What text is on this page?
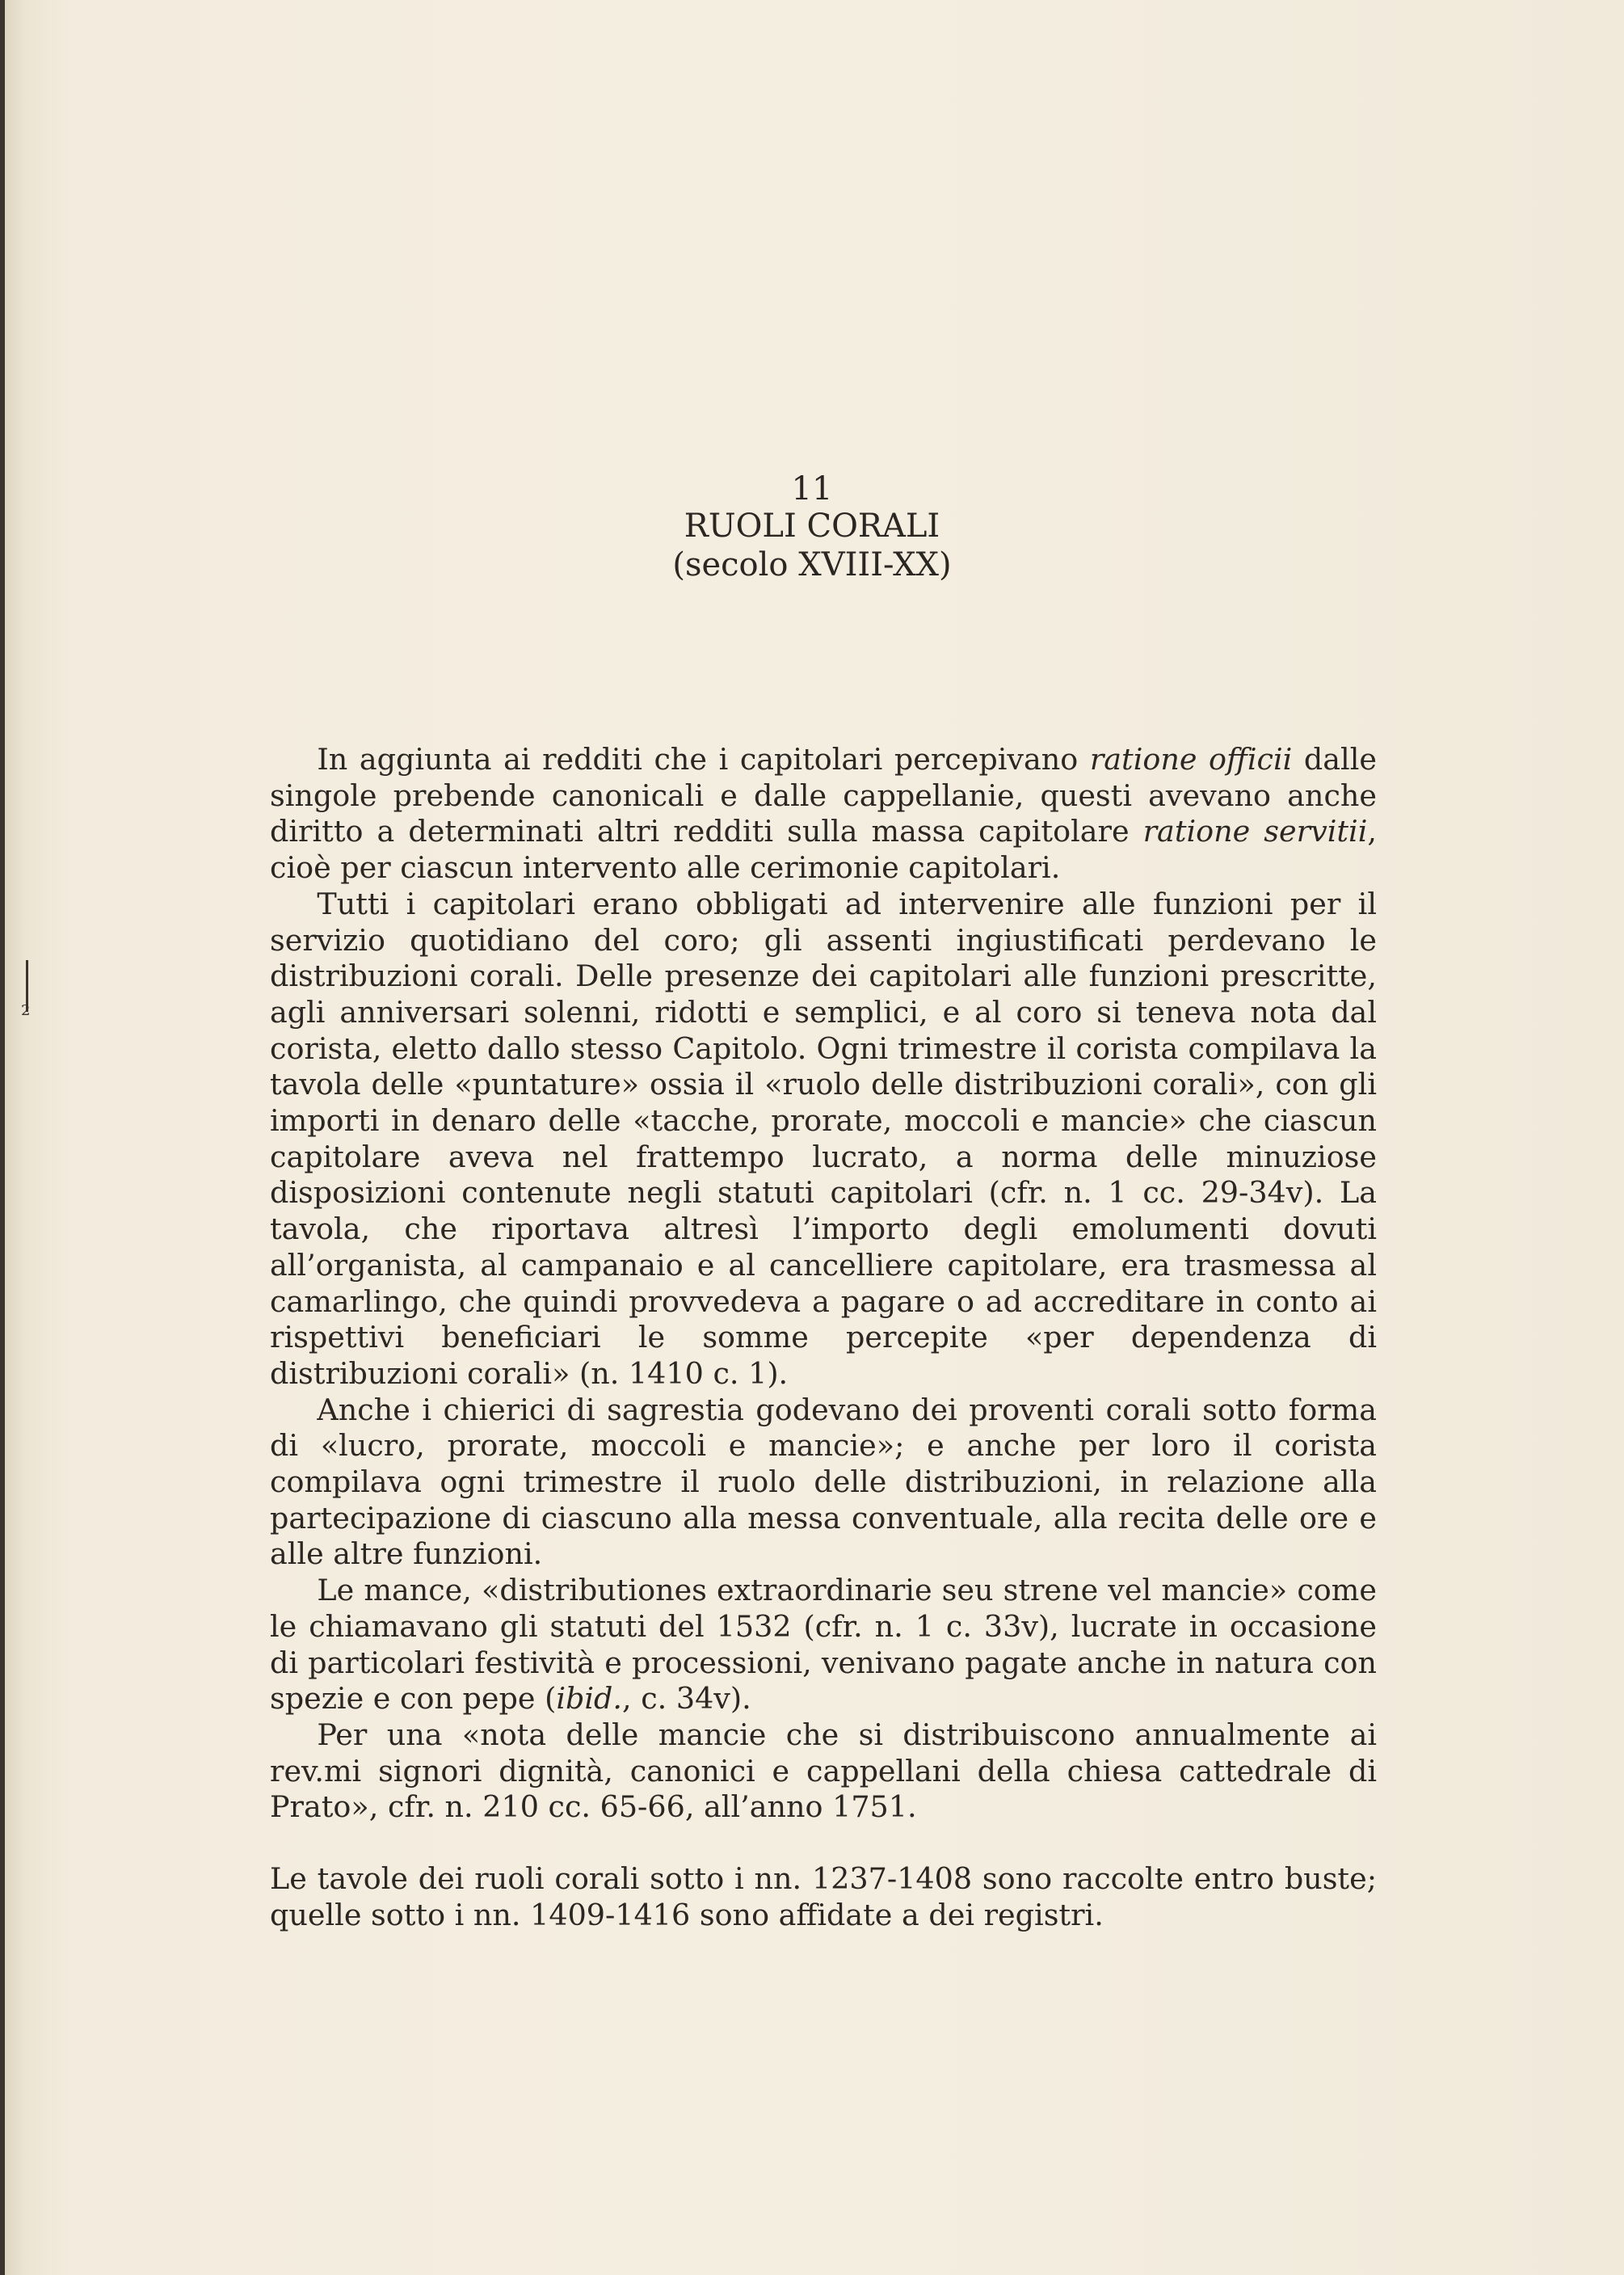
2
11
RUOLI CORALI
(secolo XVIII-XX)

In aggiunta ai redditi che i capitolari percepivano ratione officii dalle singole prebende canonicali e dalle cappellanie, questi avevano anche diritto a determinati altri redditi sulla massa capitolare ratione servitii, cioè per ciascun intervento alle cerimonie capitolari.

Tutti i capitolari erano obbligati ad intervenire alle funzioni per il servizio quotidiano del coro; gli assenti ingiustificati perdevano le distribuzioni corali. Delle presenze dei capitolari alle funzioni prescritte, agli anniversari solenni, ridotti e semplici, e al coro si teneva nota dal corista, eletto dallo stesso Capitolo. Ogni trimestre il corista compilava la tavola delle «puntature» ossia il «ruolo delle distribuzioni corali», con gli importi in denaro delle «tacche, prorate, moccoli e mancie» che ciascun capitolare aveva nel frattempo lucrato, a norma delle minuziose disposizioni contenute negli statuti capitolari (cfr. n. 1 cc. 29-34v). La tavola, che riportava altresì l’importo degli emolumenti dovuti all’organista, al campanaio e al cancelliere capitolare, era trasmessa al camarlingo, che quindi provvedeva a pagare o ad accreditare in conto ai rispettivi beneficiari le somme percepite «per dependenza di distribuzioni corali» (n. 1410 c. 1).

Anche i chierici di sagrestia godevano dei proventi corali sotto forma di «lucro, prorate, moccoli e mancie»; e anche per loro il corista compilava ogni trimestre il ruolo delle distribuzioni, in relazione alla partecipazione di ciascuno alla messa conventuale, alla recita delle ore e alle altre funzioni.

Le mance, «distributiones extraordinarie seu strene vel mancie» come le chiamavano gli statuti del 1532 (cfr. n. 1 c. 33v), lucrate in occasione di particolari festività e processioni, venivano pagate anche in natura con spezie e con pepe (ibid., c. 34v).

Per una «nota delle mancie che si distribuiscono annualmente ai rev.mi signori dignità, canonici e cappellani della chiesa cattedrale di Prato», cfr. n. 210 cc. 65-66, all’anno 1751.

Le tavole dei ruoli corali sotto i nn. 1237-1408 sono raccolte entro buste; quelle sotto i nn. 1409-1416 sono affidate a dei registri.
